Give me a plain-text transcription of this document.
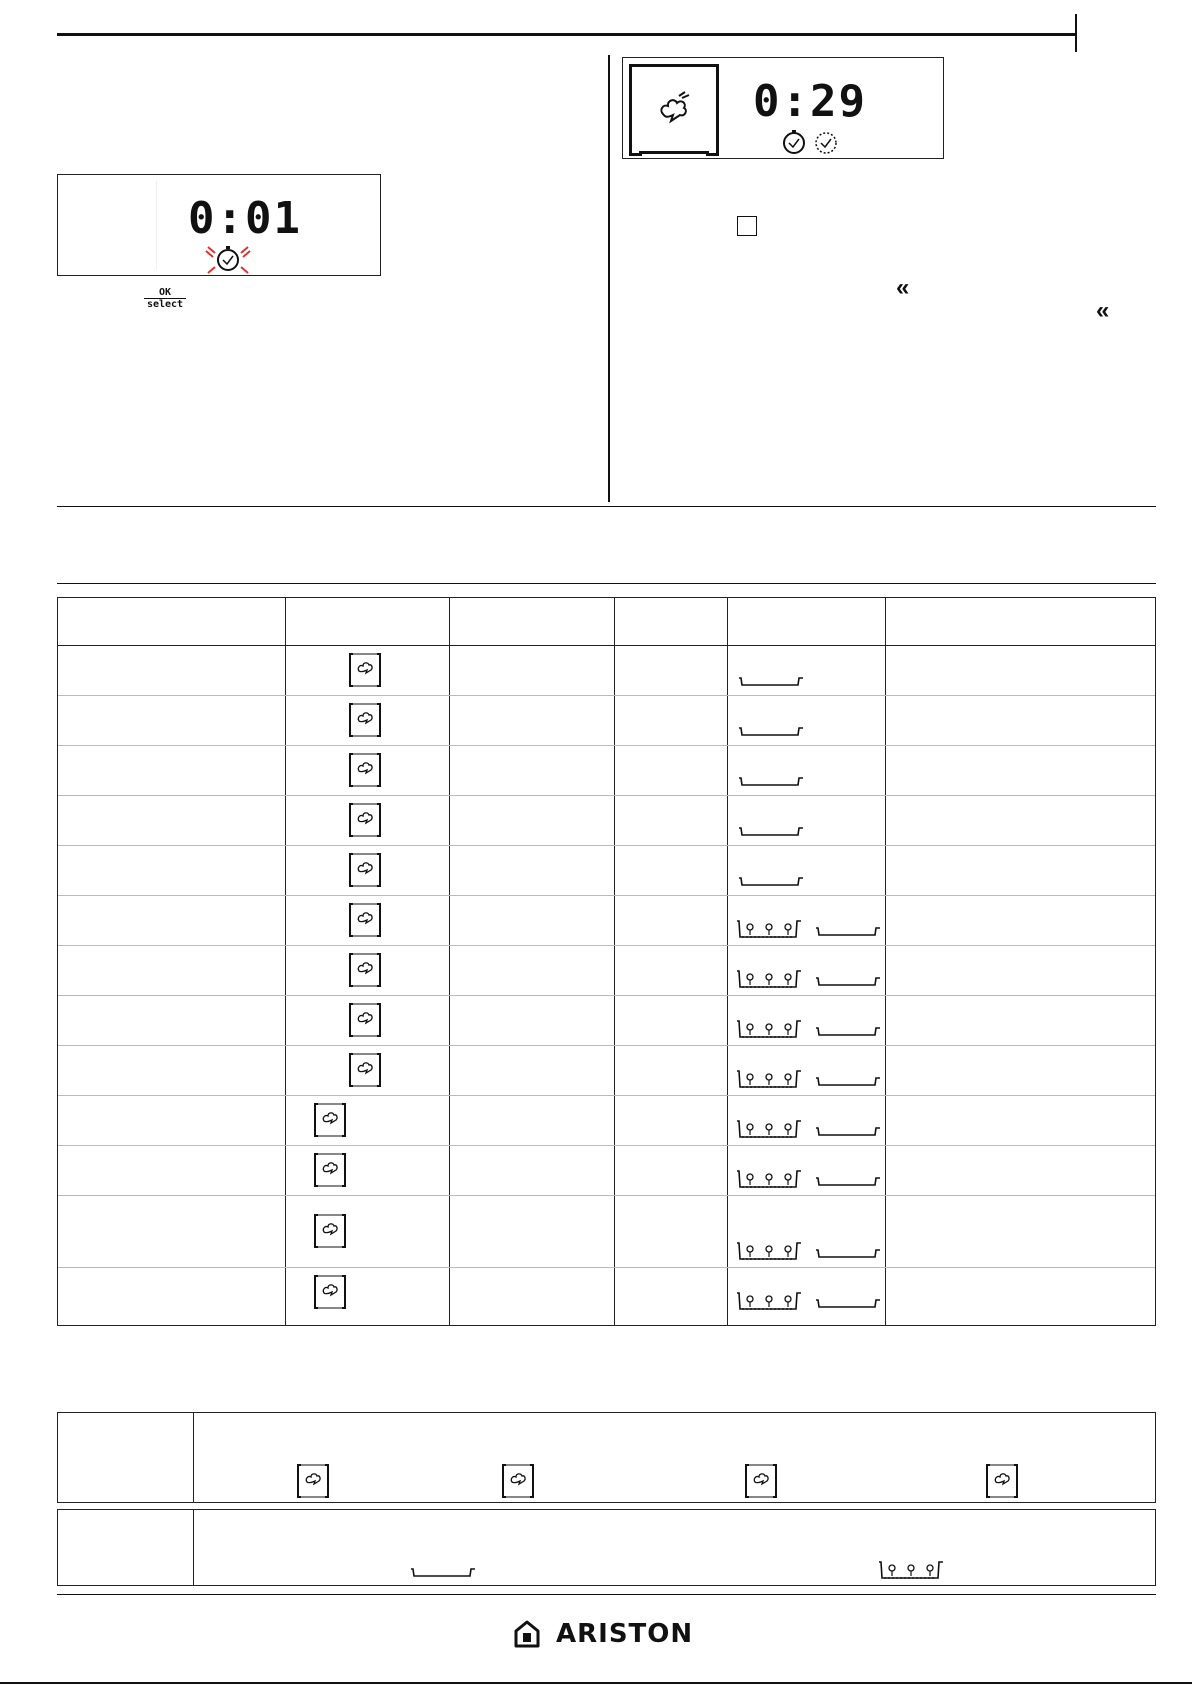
0:01
OK
select
0:29
«
«
ARISTON
